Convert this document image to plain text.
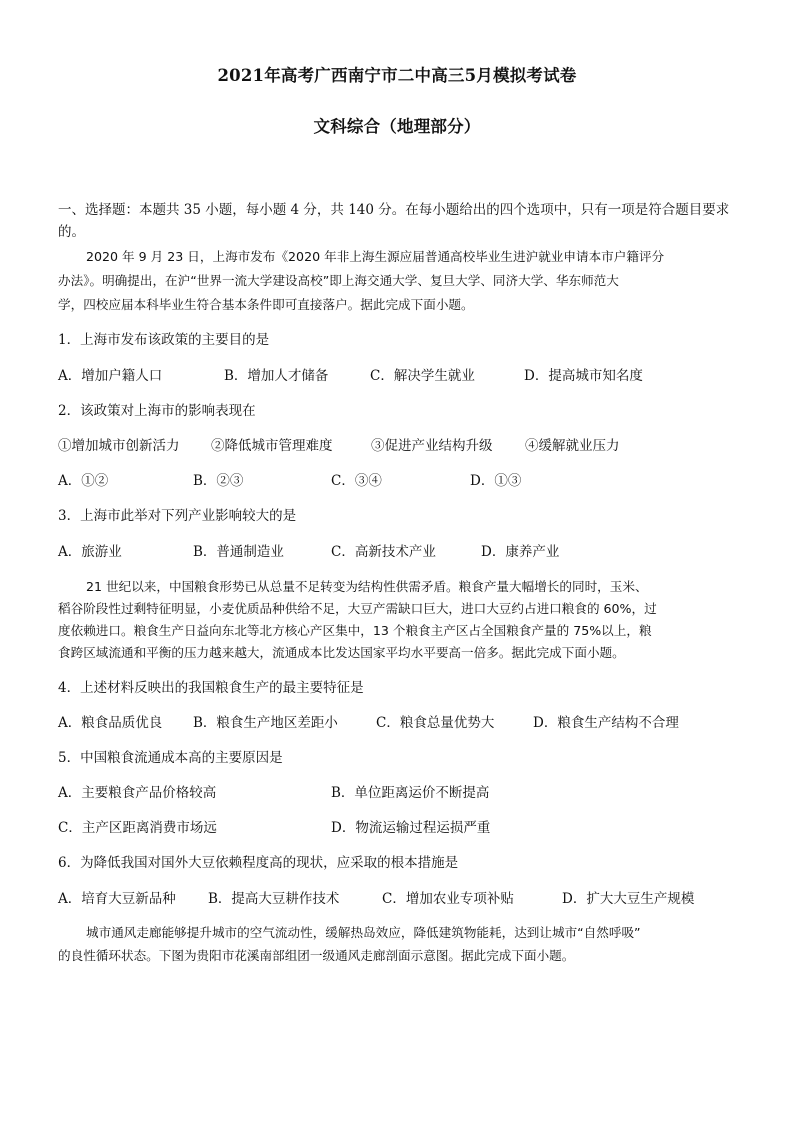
2021年高考广西南宁市二中高三5月模拟考试卷
文科综合（地理部分）
一、选择题：本题共 35 小题，每小题 4 分，共 140 分。在每小题给出的四个选项中，只有一项是符合题目要求
的。
2020 年 9 月 23 日，上海市发布《2020 年非上海生源应届普通高校毕业生进沪就业申请本市户籍评分
办法》。明确提出，在沪“世界一流大学建设高校”即上海交通大学、复旦大学、同济大学、华东师范大
学，四校应届本科毕业生符合基本条件即可直接落户。据此完成下面小题。
1．上海市发布该政策的主要目的是
A．增加户籍人口	B．增加人才储备	C．解决学生就业	D．提高城市知名度
2．该政策对上海市的影响表现在
①增加城市创新活力 ②降低城市管理难度	③促进产业结构升级 ④缓解就业压力
A．①②	B．②③	C．③④	D．①③
3．上海市此举对下列产业影响较大的是
A．旅游业	B．普通制造业	C．高新技术产业	D．康养产业
21 世纪以来，中国粮食形势已从总量不足转变为结构性供需矛盾。粮食产量大幅增长的同时，玉米、
稻谷阶段性过剩特征明显，小麦优质品种供给不足，大豆产需缺口巨大，进口大豆约占进口粮食的 60%，过
度依赖进口。粮食生产日益向东北等北方核心产区集中，13 个粮食主产区占全国粮食产量的 75%以上，粮
食跨区域流通和平衡的压力越来越大，流通成本比发达国家平均水平要高一倍多。据此完成下面小题。
4．上述材料反映出的我国粮食生产的最主要特征是
A．粮食品质优良 B．粮食生产地区差距小	C．粮食总量优势大	D．粮食生产结构不合理
5．中国粮食流通成本高的主要原因是
A．主要粮食产品价格较高	B．单位距离运价不断提高
C．主产区距离消费市场远	D．物流运输过程运损严重
6．为降低我国对国外大豆依赖程度高的现状，应采取的根本措施是
A．培育大豆新品种 B．提高大豆耕作技术	C．增加农业专项补贴	D．扩大大豆生产规模
城市通风走廊能够提升城市的空气流动性，缓解热岛效应，降低建筑物能耗，达到让城市“自然呼吸”
的良性循环状态。下图为贵阳市花溪南部组团一级通风走廊剖面示意图。据此完成下面小题。
